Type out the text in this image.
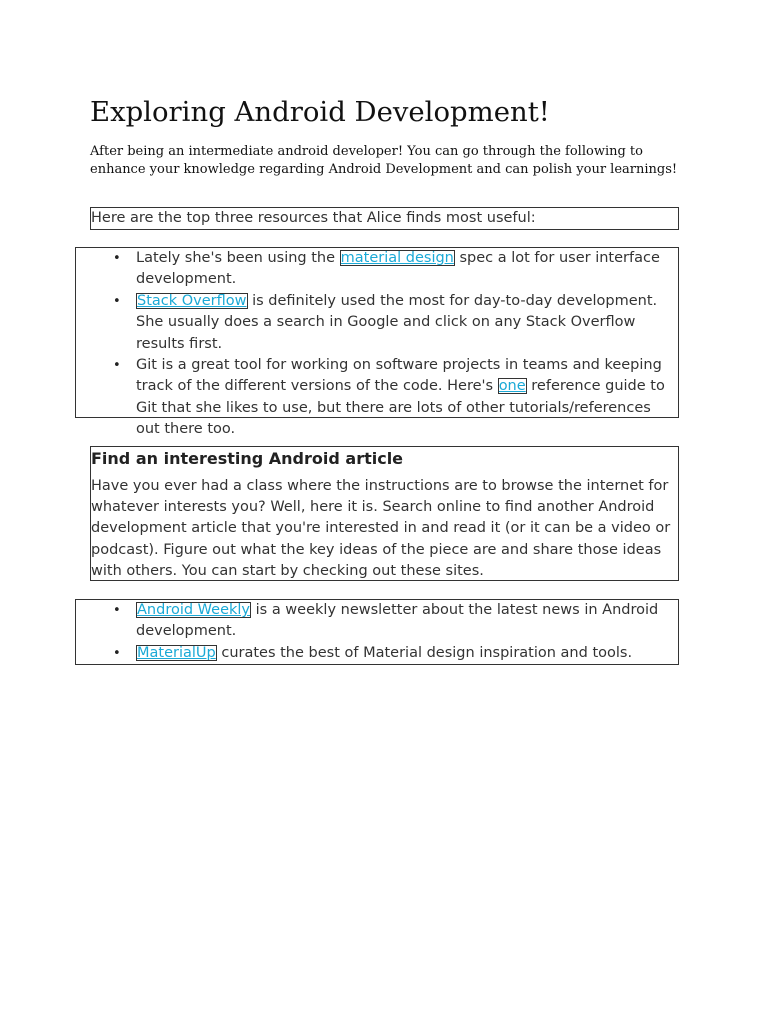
Exploring Android Development!

After being an intermediate android developer! You can go through the following to enhance your knowledge regarding Android Development and can polish your learnings!

Here are the top three resources that Alice finds most useful:
• Lately she's been using the material design spec a lot for user interface development.
• Stack Overflow is definitely used the most for day-to-day development. She usually does a search in Google and click on any Stack Overflow results first.
• Git is a great tool for working on software projects in teams and keeping track of the different versions of the code. Here's one reference guide to Git that she likes to use, but there are lots of other tutorials/references out there too.
Find an interesting Android article

Have you ever had a class where the instructions are to browse the internet for whatever interests you? Well, here it is. Search online to find another Android development article that you're interested in and read it (or it can be a video or podcast). Figure out what the key ideas of the piece are and share those ideas with others. You can start by checking out these sites.

• Android Weekly is a weekly newsletter about the latest news in Android development.
• MaterialUp curates the best of Material design inspiration and tools.
